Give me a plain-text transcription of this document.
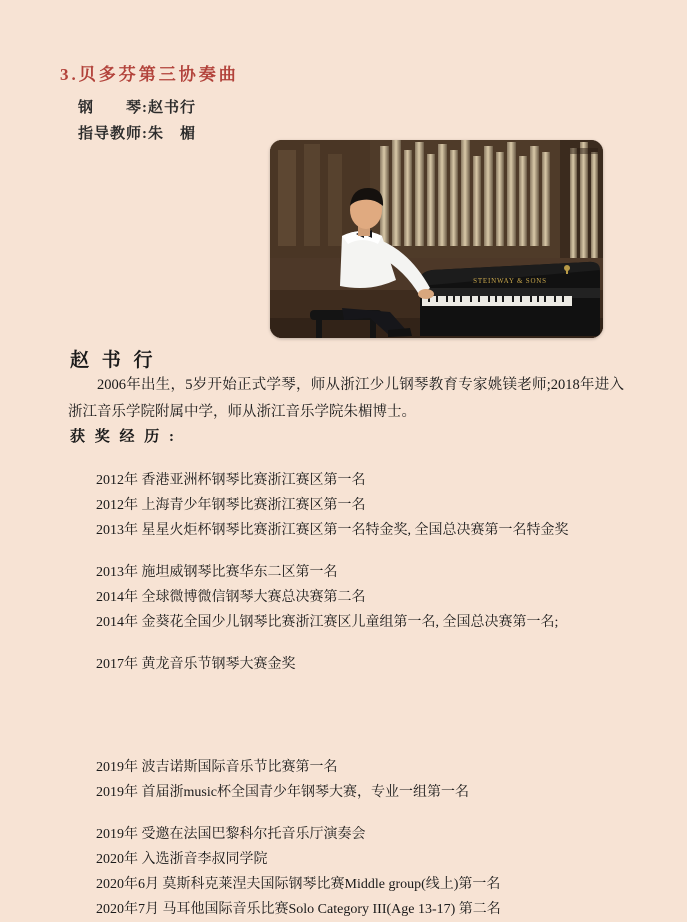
3.贝多芬第三协奏曲
钢　　琴:赵书行
指导教师:朱　楣
STEINWAY & SONS
赵 书 行
2006年出生，5岁开始正式学琴，师从浙江少儿钢琴教育专家姚镁老师;2018年进入浙江音乐学院附属中学，师从浙江音乐学院朱楣博士。
获 奖 经 历 :
2012年 香港亚洲杯钢琴比赛浙江赛区第一名
2012年 上海青少年钢琴比赛浙江赛区第一名
2013年 星星火炬杯钢琴比赛浙江赛区第一名特金奖, 全国总决赛第一名特金奖
2013年 施坦威钢琴比赛华东二区第一名
2014年 全球微博微信钢琴大赛总决赛第二名
2014年 金葵花全国少儿钢琴比赛浙江赛区儿童组第一名, 全国总决赛第一名;
2017年 黄龙音乐节钢琴大赛金奖
2019年 波吉诺斯国际音乐节比赛第一名
2019年 首届浙music杯全国青少年钢琴大赛，专业一组第一名
2019年 受邀在法国巴黎科尔托音乐厅演奏会
2020年 入选浙音李叔同学院
2020年6月 莫斯科克莱涅夫国际钢琴比赛Middle group(线上)第一名
2020年7月 马耳他国际音乐比赛Solo Category III(Age 13-17) 第二名
